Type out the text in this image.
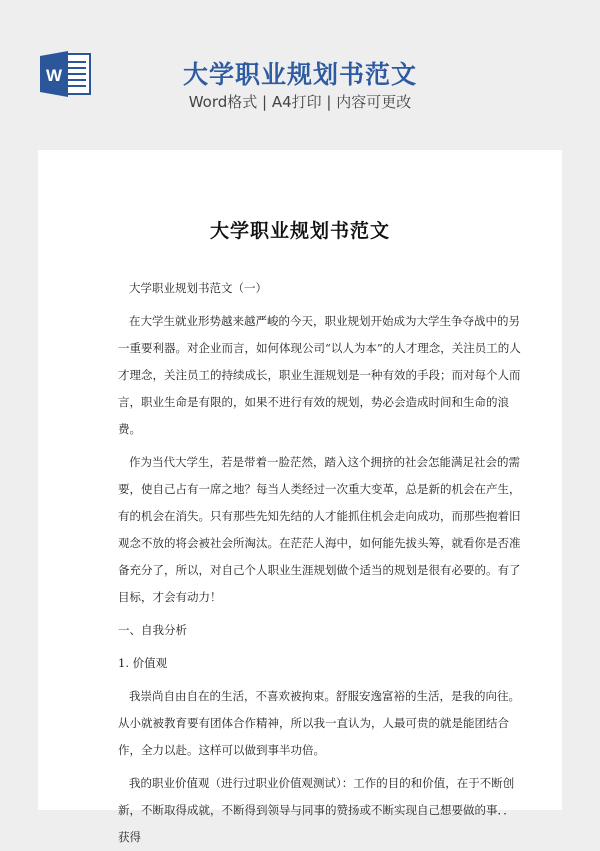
W	大学职业规划书范文
Word格式 | A4打印 | 内容可更改
大学职业规划书范文

大学职业规划书范文（一）

在大学生就业形势越来越严峻的今天，职业规划开始成为大学生争夺战中的另一重要利器。对企业而言，如何体现公司“以人为本”的人才理念，关注员工的人才理念，关注员工的持续成长，职业生涯规划是一种有效的手段；而对每个人而言，职业生命是有限的，如果不进行有效的规划，势必会造成时间和生命的浪费。

作为当代大学生，若是带着一脸茫然，踏入这个拥挤的社会怎能满足社会的需要，使自己占有一席之地？每当人类经过一次重大变革，总是新的机会在产生，有的机会在消失。只有那些先知先结的人才能抓住机会走向成功，而那些抱着旧观念不放的将会被社会所淘汰。在茫茫人海中，如何能先拔头筹，就看你是否准备充分了，所以，对自己个人职业生涯规划做个适当的规划是很有必要的。有了目标，才会有动力！

一、自我分析

1. 价值观

我崇尚自由自在的生活，不喜欢被拘束。舒服安逸富裕的生活，是我的向往。从小就被教育要有团体合作精神，所以我一直认为，人最可贵的就是能团结合作，全力以赴。这样可以做到事半功倍。

我的职业价值观（进行过职业价值观测试）：工作的目的和价值，在于不断创新，不断取得成就，不断得到领导与同事的赞扬或不断实现自己想要做的事．．获得
